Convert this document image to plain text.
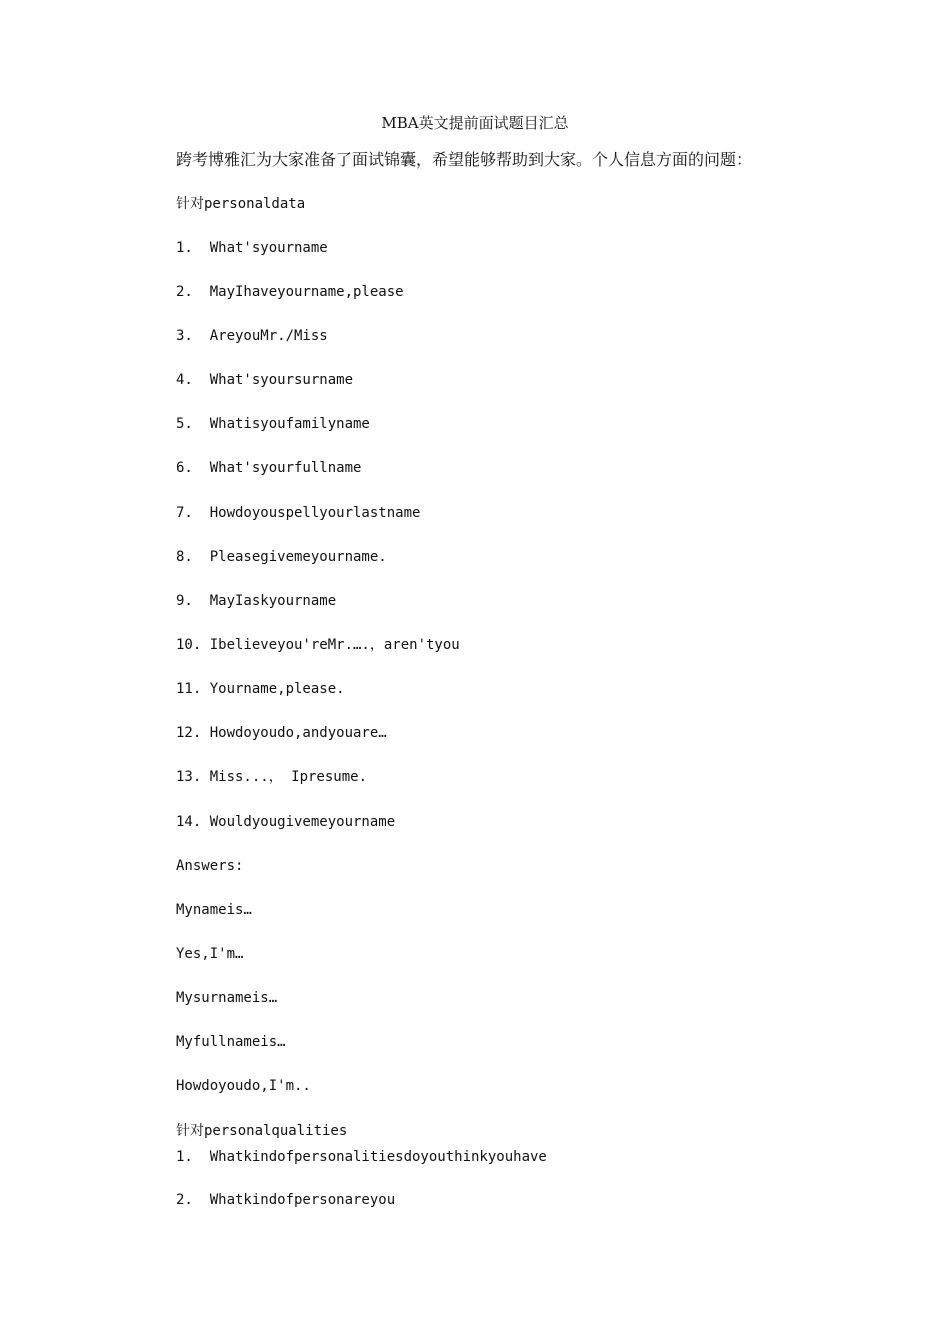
MBA英文提前面试题目汇总
跨考博雅汇为大家准备了面试锦囊，希望能够帮助到大家。个人信息方面的问题：
针对personaldata
1.  What'syourname
2.  MayIhaveyourname,please
3.  AreyouMr./Miss
4.  What'syoursurname
5.  Whatisyoufamilyname
6.  What'syourfullname
7.  Howdoyouspellyourlastname
8.  Pleasegivemeyourname.
9.  MayIaskyourname
10. Ibelieveyou'reMr.….，aren'tyou
11. Yourname,please.
12. Howdoyoudo,andyouare…
13. Miss...， Ipresume.
14. Wouldyougivemeyourname
Answers:
Mynameis…
Yes,I'm…
Mysurnameis…
Myfullnameis…
Howdoyoudo,I'm..
针对personalqualities
1.  Whatkindofpersonalitiesdoyouthinkyouhave
2.  Whatkindofpersonareyou
